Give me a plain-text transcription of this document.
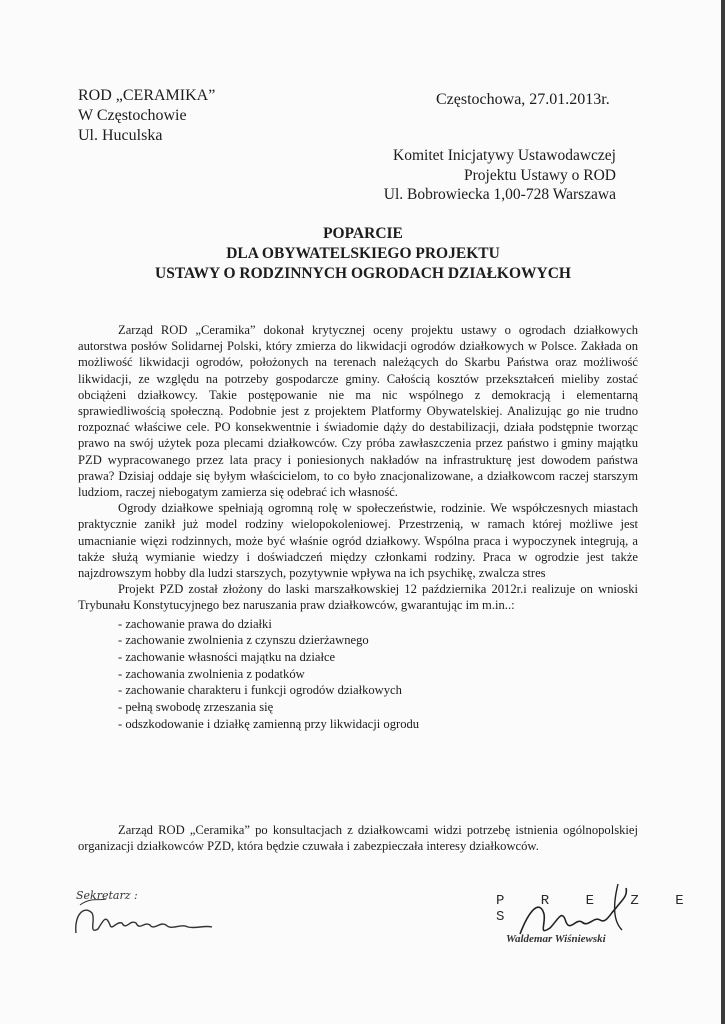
ROD „CERAMIKA”
W Częstochowie
Ul. Huculska
Częstochowa, 27.01.2013r.
Komitet Inicjatywy Ustawodawczej
Projektu Ustawy o ROD
Ul. Bobrowiecka 1,00-728 Warszawa
POPARCIE
DLA OBYWATELSKIEGO PROJEKTU
USTAWY O RODZINNYCH OGRODACH DZIAŁKOWYCH

Zarząd ROD „Ceramika” dokonał krytycznej oceny projektu ustawy o ogrodach działkowych autorstwa posłów Solidarnej Polski, który zmierza do likwidacji ogrodów działkowych w Polsce. Zakłada on możliwość likwidacji ogrodów, położonych na terenach należących do Skarbu Państwa oraz możliwość likwidacji, ze względu na potrzeby gospodarcze gminy. Całością kosztów przekształceń mieliby zostać obciążeni działkowcy. Takie postępowanie nie ma nic wspólnego z demokracją i elementarną sprawiedliwością społeczną. Podobnie jest z projektem Platformy Obywatelskiej. Analizując go nie trudno rozpoznać właściwe cele. PO konsekwentnie i świadomie dąży do destabilizacji, działa podstępnie tworząc prawo na swój użytek poza plecami działkowców. Czy próba zawłaszczenia przez państwo i gminy majątku PZD wypracowanego przez lata pracy i poniesionych nakładów na infrastrukturę jest dowodem państwa prawa? Dzisiaj oddaje się byłym właścicielom, to co było znacjonalizowane, a działkowcom raczej starszym ludziom, raczej niebogatym zamierza się odebrać ich własność.

Ogrody działkowe spełniają ogromną rolę w społeczeństwie, rodzinie. We współczesnych miastach praktycznie zanikł już model rodziny wielopokoleniowej. Przestrzenią, w ramach której możliwe jest umacnianie więzi rodzinnych, może być właśnie ogród działkowy. Wspólna praca i wypoczynek integrują, a także służą wymianie wiedzy i doświadczeń między członkami rodziny. Praca w ogrodzie jest także najzdrowszym hobby dla ludzi starszych, pozytywnie wpływa na ich psychikę, zwalcza stres

Projekt PZD został złożony do laski marszałkowskiej 12 października 2012r.i realizuje on wnioski Trybunału Konstytucyjnego bez naruszania praw działkowców, gwarantując im m.in..:

- zachowanie prawa do działki
- zachowanie zwolnienia z czynszu dzierżawnego
- zachowanie własności majątku na działce
- zachowania zwolnienia z podatków
- zachowanie charakteru i funkcji ogrodów działkowych
- pełną swobodę zrzeszania się
- odszkodowanie i działkę zamienną przy likwidacji ogrodu

Zarząd ROD „Ceramika” po konsultacjach z działkowcami widzi potrzebę istnienia ogólnopolskiej organizacji działkowców PZD, która będzie czuwała i zabezpieczała interesy działkowców.

Sekretarz :	P R E Z E S
Waldemar Wiśniewski
